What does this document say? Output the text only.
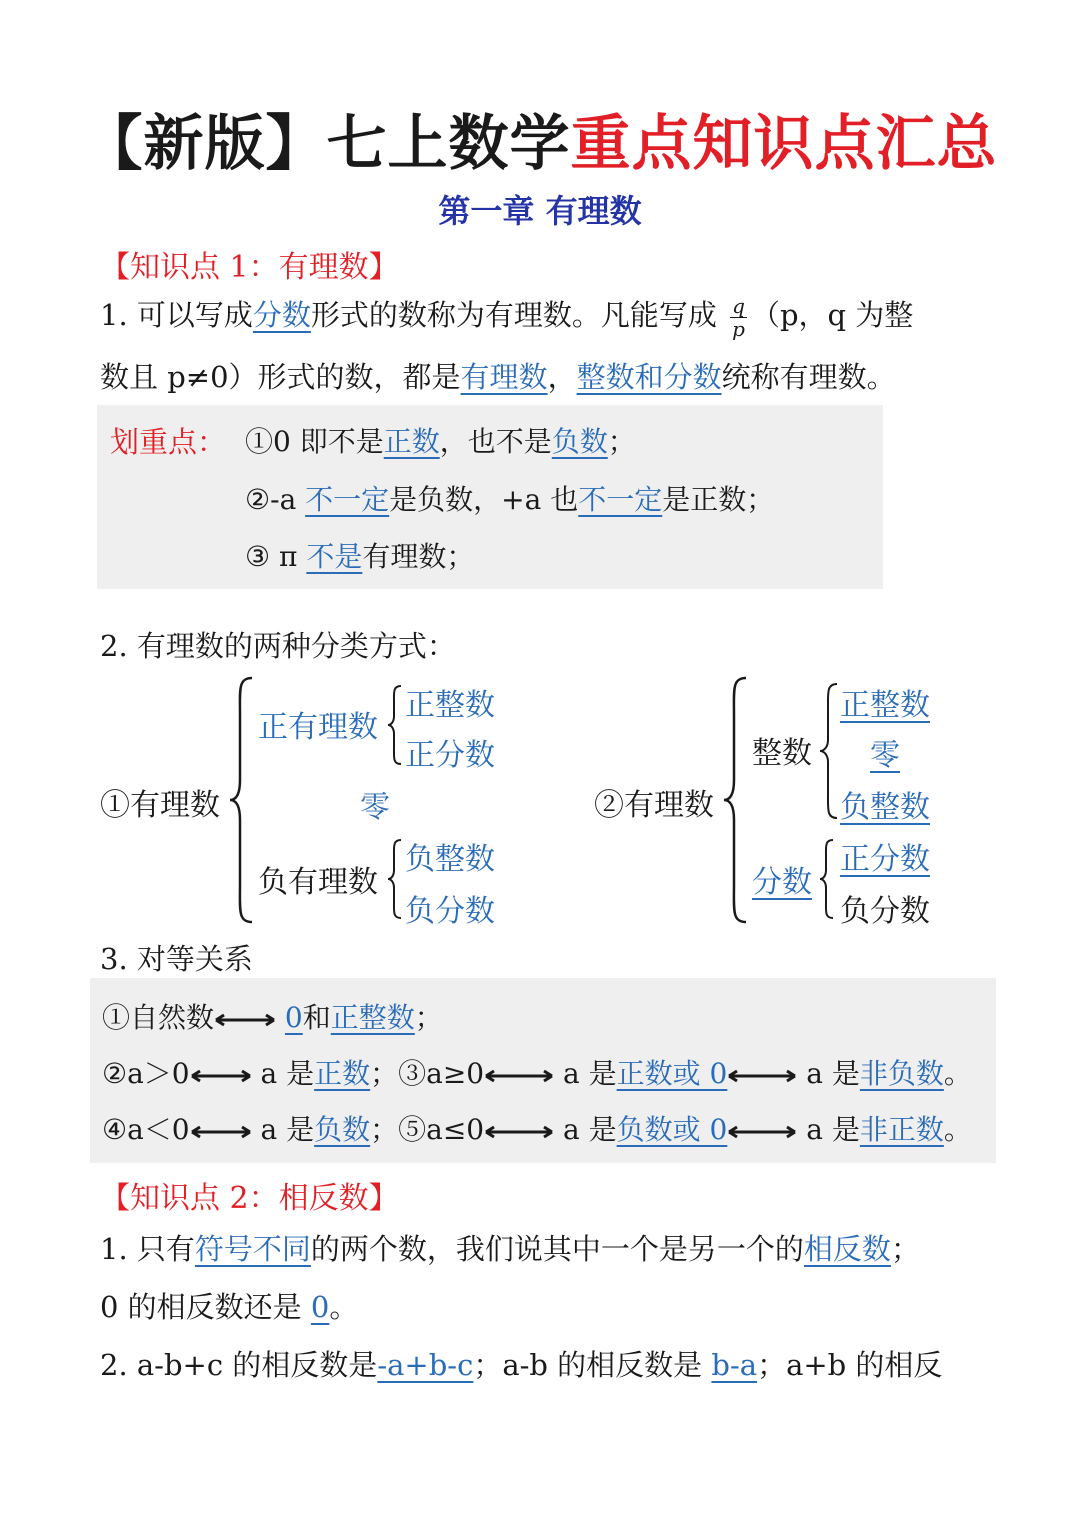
【新版】七上数学重点知识点汇总
第一章 有理数
【知识点 1：有理数】
1. 可以写成分数形式的数称为有理数。凡能写成 $\frac{q}{p} (p$，q 为整
数且 p≠0）形式的数，都是有理数，整数和分数统称有理数。
划重点： ①0 即不是正数，也不是负数；
②-a 不一定是负数，+a 也不一定是正数；
③ π 不是有理数；
2. 有理数的两种分类方式：
①有理数
正有理数
正整数
正分数
零
负有理数
负整数
负分数
②有理数
整数
正整数
零
负整数
分数
正分数
负分数
3. 对等关系
①自然数	0和正整数；
②a＞0 a 是正数；③a≥0	a 是正数或 0	a 是非负数。
④a＜0 a 是负数；⑤a≤0	a 是负数或 0	a 是非正数。
【知识点 2：相反数】
1. 只有符号不同的两个数，我们说其中一个是另一个的相反数；
0 的相反数还是 0。
2. a-b+c 的相反数是-a+b-c；a-b 的相反数是 b-a；a+b 的相反
